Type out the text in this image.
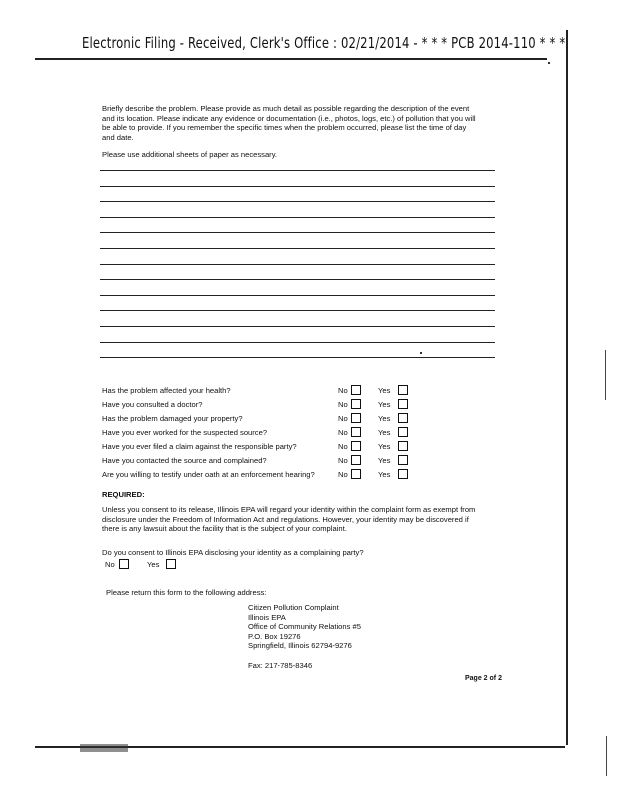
Electronic Filing - Received, Clerk's Office : 02/21/2014 - * * * PCB 2014-110 * * *

Briefly describe the problem. Please provide as much detail as possible regarding the description of the event

and its location. Please indicate any evidence or documentation (i.e., photos, logs, etc.) of pollution that you will

be able to provide. If you remember the specific times when the problem occurred, please list the time of day

and date.

Please use additional sheets of paper as necessary.
Has the problem affected your health?	No	Yes
Have you consulted a doctor?	No	Yes
Has the problem damaged your property?	No	Yes
Have you ever worked for the suspected source?	No	Yes
Have you ever filed a claim against the responsible party?	No	Yes
Have you contacted the source and complained?	No	Yes
Are you willing to testify under oath at an enforcement hearing?	No	Yes
REQUIRED:
Unless you consent to its release, Illinois EPA will regard your identity within the complaint form as exempt from
disclosure under the Freedom of Information Act and regulations. However, your identity may be discovered if
there is any lawsuit about the facility that is the subject of your complaint.
Do you consent to Illinois EPA disclosing your identity as a complaining party?
No	Yes
Please return this form to the following address:
Citizen Pollution Complaint
Illinois EPA
Office of Community Relations #5
P.O. Box 19276
Springfield, Illinois 62794-9276
Fax: 217-785-8346
Page 2 of 2
